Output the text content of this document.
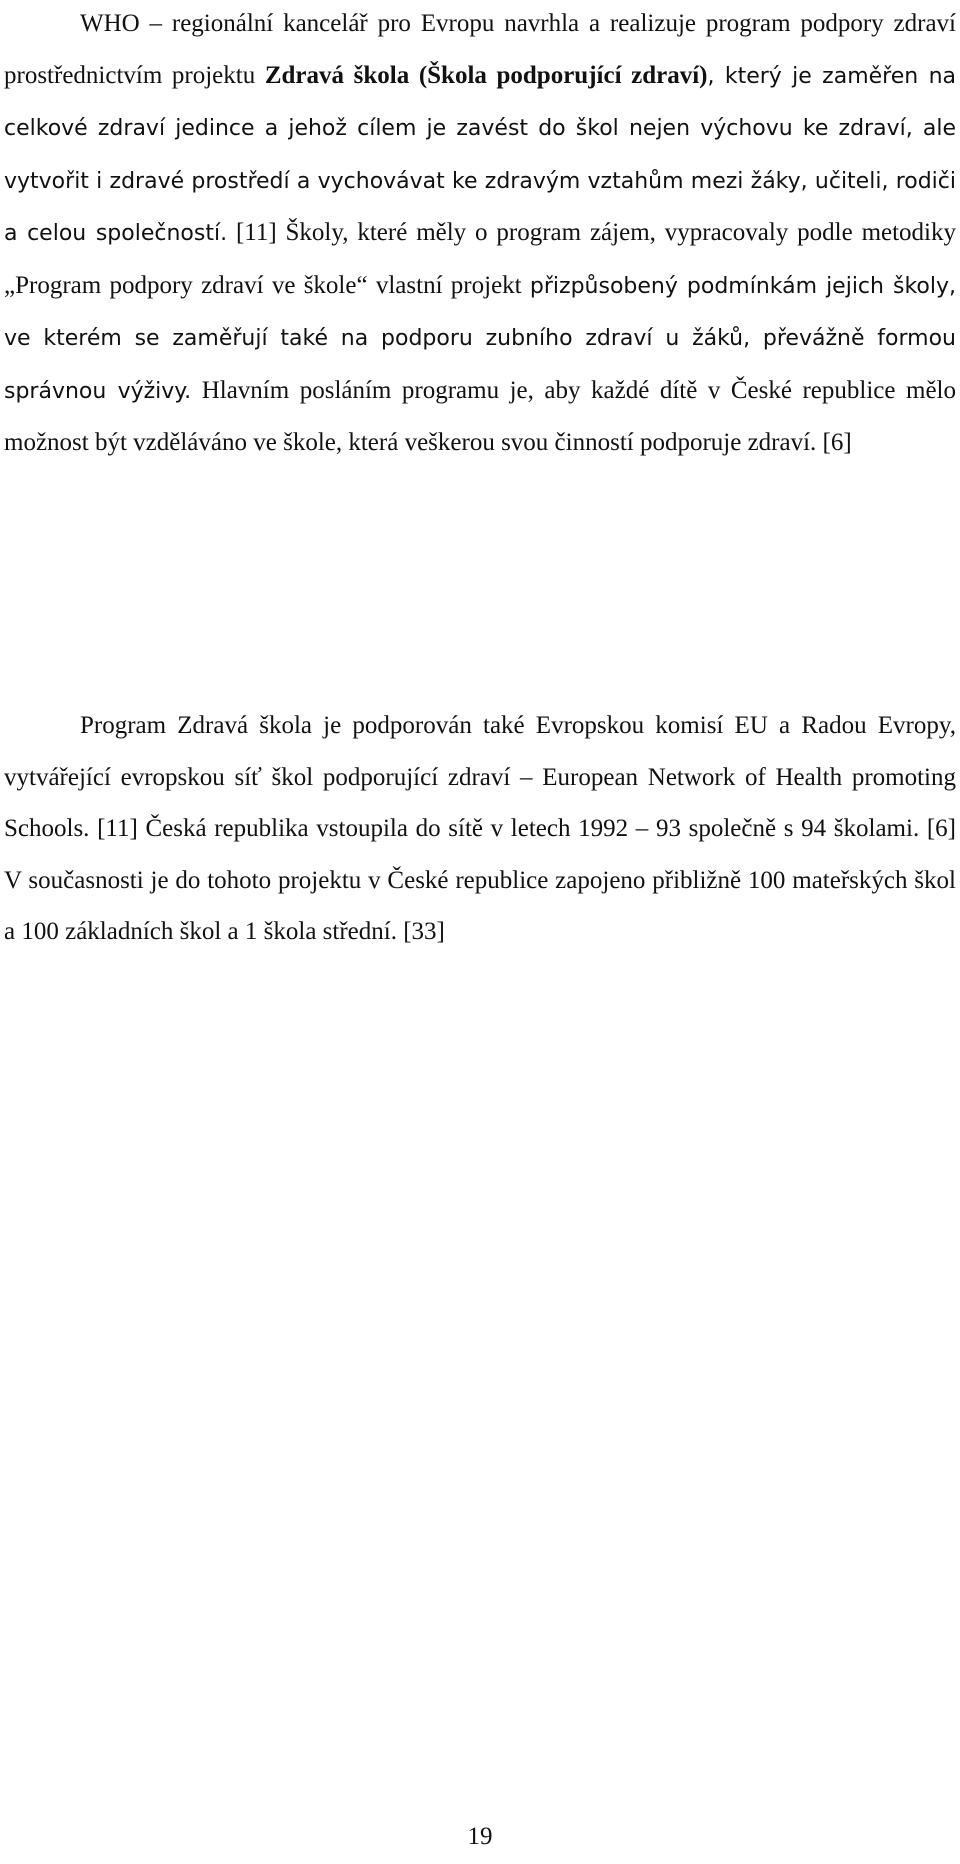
WHO – regionální kancelář pro Evropu navrhla a realizuje program podpory zdraví prostřednictvím projektu Zdravá škola (Škola podporující zdraví), který je zaměřen na celkové zdraví jedince a jehož cílem je zavést do škol nejen výchovu ke zdraví, ale vytvořit i zdravé prostředí a vychovávat ke zdravým vztahům mezi žáky, učiteli, rodiči a celou společností. [11] Školy, které měly o program zájem, vypracovaly podle metodiky „Program podpory zdraví ve škole“ vlastní projekt přizpůsobený podmínkám jejich školy, ve kterém se zaměřují také na podporu zubního zdraví u žáků, převážně formou správnou výživy. Hlavním posláním programu je, aby každé dítě v České republice mělo možnost být vzděláváno ve škole, která veškerou svou činností podporuje zdraví. [6]

Program Zdravá škola je podporován také Evropskou komisí EU a Radou Evropy, vytvářející evropskou síť škol podporující zdraví – European Network of Health promoting Schools. [11] Česká republika vstoupila do sítě v letech 1992 – 93 společně s 94 školami. [6] V současnosti je do tohoto projektu v České republice zapojeno přibližně 100 mateřských škol a 100 základních škol a 1 škola střední. [33]

19
